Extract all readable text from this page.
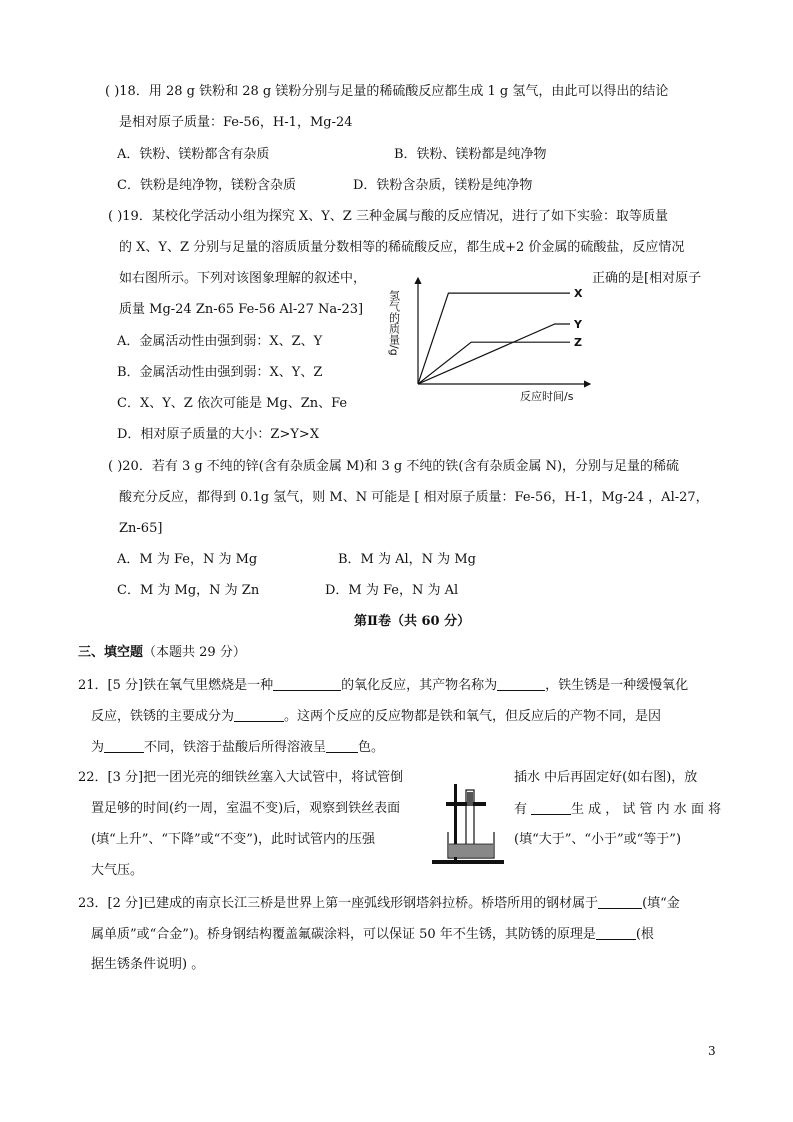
( )18．用 28 g 铁粉和 28 g 镁粉分别与足量的稀硫酸反应都生成 1 g 氢气，由此可以得出的结论
是相对原子质量：Fe-56，H-1，Mg-24
A．铁粉、镁粉都含有杂质	B．铁粉、镁粉都是纯净物
C．铁粉是纯净物，镁粉含杂质	D．铁粉含杂质，镁粉是纯净物
( )19．某校化学活动小组为探究 X、Y、Z 三种金属与酸的反应情况，进行了如下实验：取等质量
的 X、Y、Z 分别与足量的溶质质量分数相等的稀硫酸反应，都生成+2 价金属的硫酸盐，反应情况
如右图所示。下列对该图象理解的叙述中，	正确的是[相对原子
质量 Mg-24 Zn-65 Fe-56 Al-27 Na-23]
A．金属活动性由强到弱：X、Z、Y
B．金属活动性由强到弱：X、Y、Z
C．X、Y、Z 依次可能是 Mg、Zn、Fe
D．相对原子质量的大小：Z>Y>X
氢气的质量/g
反应时间/s
X
Y
Z
( )20．若有 3 g 不纯的锌(含有杂质金属 M)和 3 g 不纯的铁(含有杂质金属 N)，分别与足量的稀硫
酸充分反应，都得到 0.1g 氢气，则 M、N 可能是 [ 相对原子质量：Fe-56，H-1，Mg-24 ，Al-27，
Zn-65]
A．M 为 Fe，N 为 Mg	B．M 为 Al，N 为 Mg
C．M 为 Mg，N 为 Zn	D．M 为 Fe，N 为 Al
第Ⅱ卷（共 60 分）
三、填空题（本题共 29 分）
21．[5 分]铁在氧气里燃烧是一种	的氧化反应，其产物名称为	，铁生锈是一种缓慢氧化
反应，铁锈的主要成分为	。这两个反应的反应物都是铁和氧气，但反应后的产物不同，是因
为	不同，铁溶于盐酸后所得溶液呈 色。
22．[3 分]把一团光亮的细铁丝塞入大试管中，将试管倒	插水 中后再固定好(如右图)，放
置足够的时间(约一周，室温不变)后，观察到铁丝表面	有	生 成 ， 试 管 内 水 面 将
(填“上升”、“下降”或“不变”)，此时试管内的压强	(填“大于”、“小于”或“等于”)
大气压。
23．[2 分]已建成的南京长江三桥是世界上第一座弧线形钢塔斜拉桥。桥塔所用的钢材属于	(填“金
属单质”或“合金”)。桥身钢结构覆盖氟碳涂料，可以保证 50 年不生锈，其防锈的原理是	(根
据生锈条件说明) 。
3
